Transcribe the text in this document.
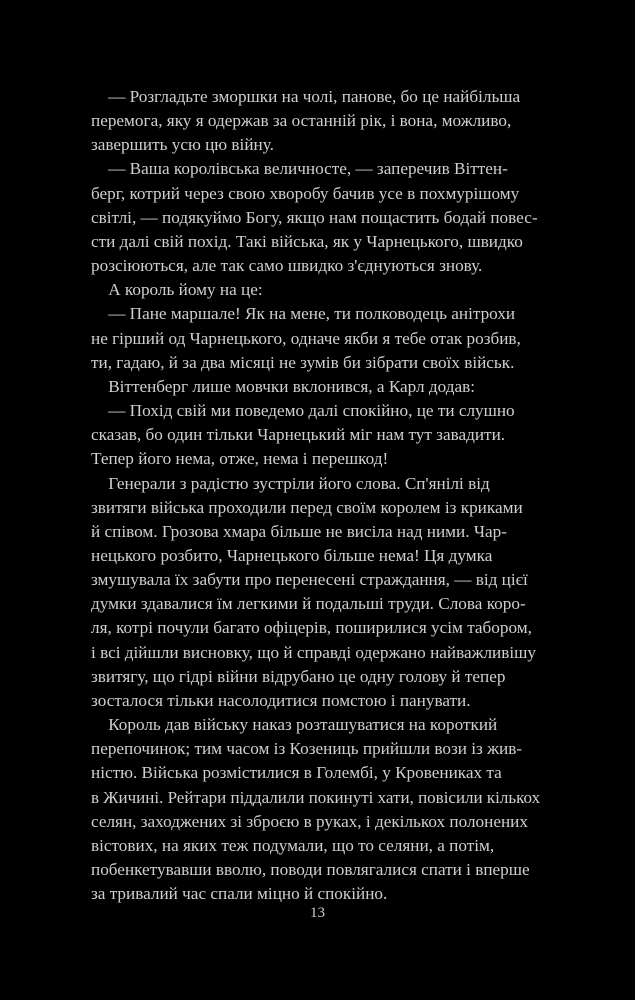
— Розгладьте зморшки на чолі, панове, бо це найбільша
перемога, яку я одержав за останній рік, і вона, можливо,
завершить усю цю війну.
— Ваша королівська величносте, — заперечив Віттен-
берг, котрий через свою хворобу бачив усе в похмурішому
світлі, — подякуймо Богу, якщо нам пощастить бодай повес-
сти далі свій похід. Такі війська, як у Чарнецького, швидко
розсіюються, але так само швидко з'єднуються знову.
А король йому на це:
— Пане маршале! Як на мене, ти полководець анітрохи
не гірший од Чарнецького, одначе якби я тебе отак розбив,
ти, гадаю, й за два місяці не зумів би зібрати своїх військ.
Віттенберг лише мовчки вклонився, а Карл додав:
— Похід свій ми поведемо далі спокійно, це ти слушно
сказав, бо один тільки Чарнецький міг нам тут завадити.
Тепер його нема, отже, нема і перешкод!
Генерали з радістю зустріли його слова. Сп'янілі від
звитяги війська проходили перед своїм королем із криками
й співом. Грозова хмара більше не висіла над ними. Чар-
нецького розбито, Чарнецького більше нема! Ця думка
змушувала їх забути про перенесені страждання, — від цієї
думки здавалися їм легкими й подальші труди. Слова коро-
ля, котрі почули багато офіцерів, поширилися усім табором,
і всі дійшли висновку, що й справді одержано найважливішу
звитягу, що гідрі війни відрубано це одну голову й тепер
зосталося тільки насолодитися помстою і панувати.
Король дав війську наказ розташуватися на короткий
перепочинок; тим часом із Козениць прийшли вози із жив-
ністю. Війська розмістилися в Голембі, у Кровениках та
в Жичині. Рейтари піддалили покинуті хати, повісили кількох
селян, заходжених зі зброєю в руках, і декількох полонених
вістових, на яких теж подумали, що то селяни, а потім,
побенкетувавши вволю, поводи повлягалися спати і вперше
за тривалий час спали міцно й спокійно.
13
